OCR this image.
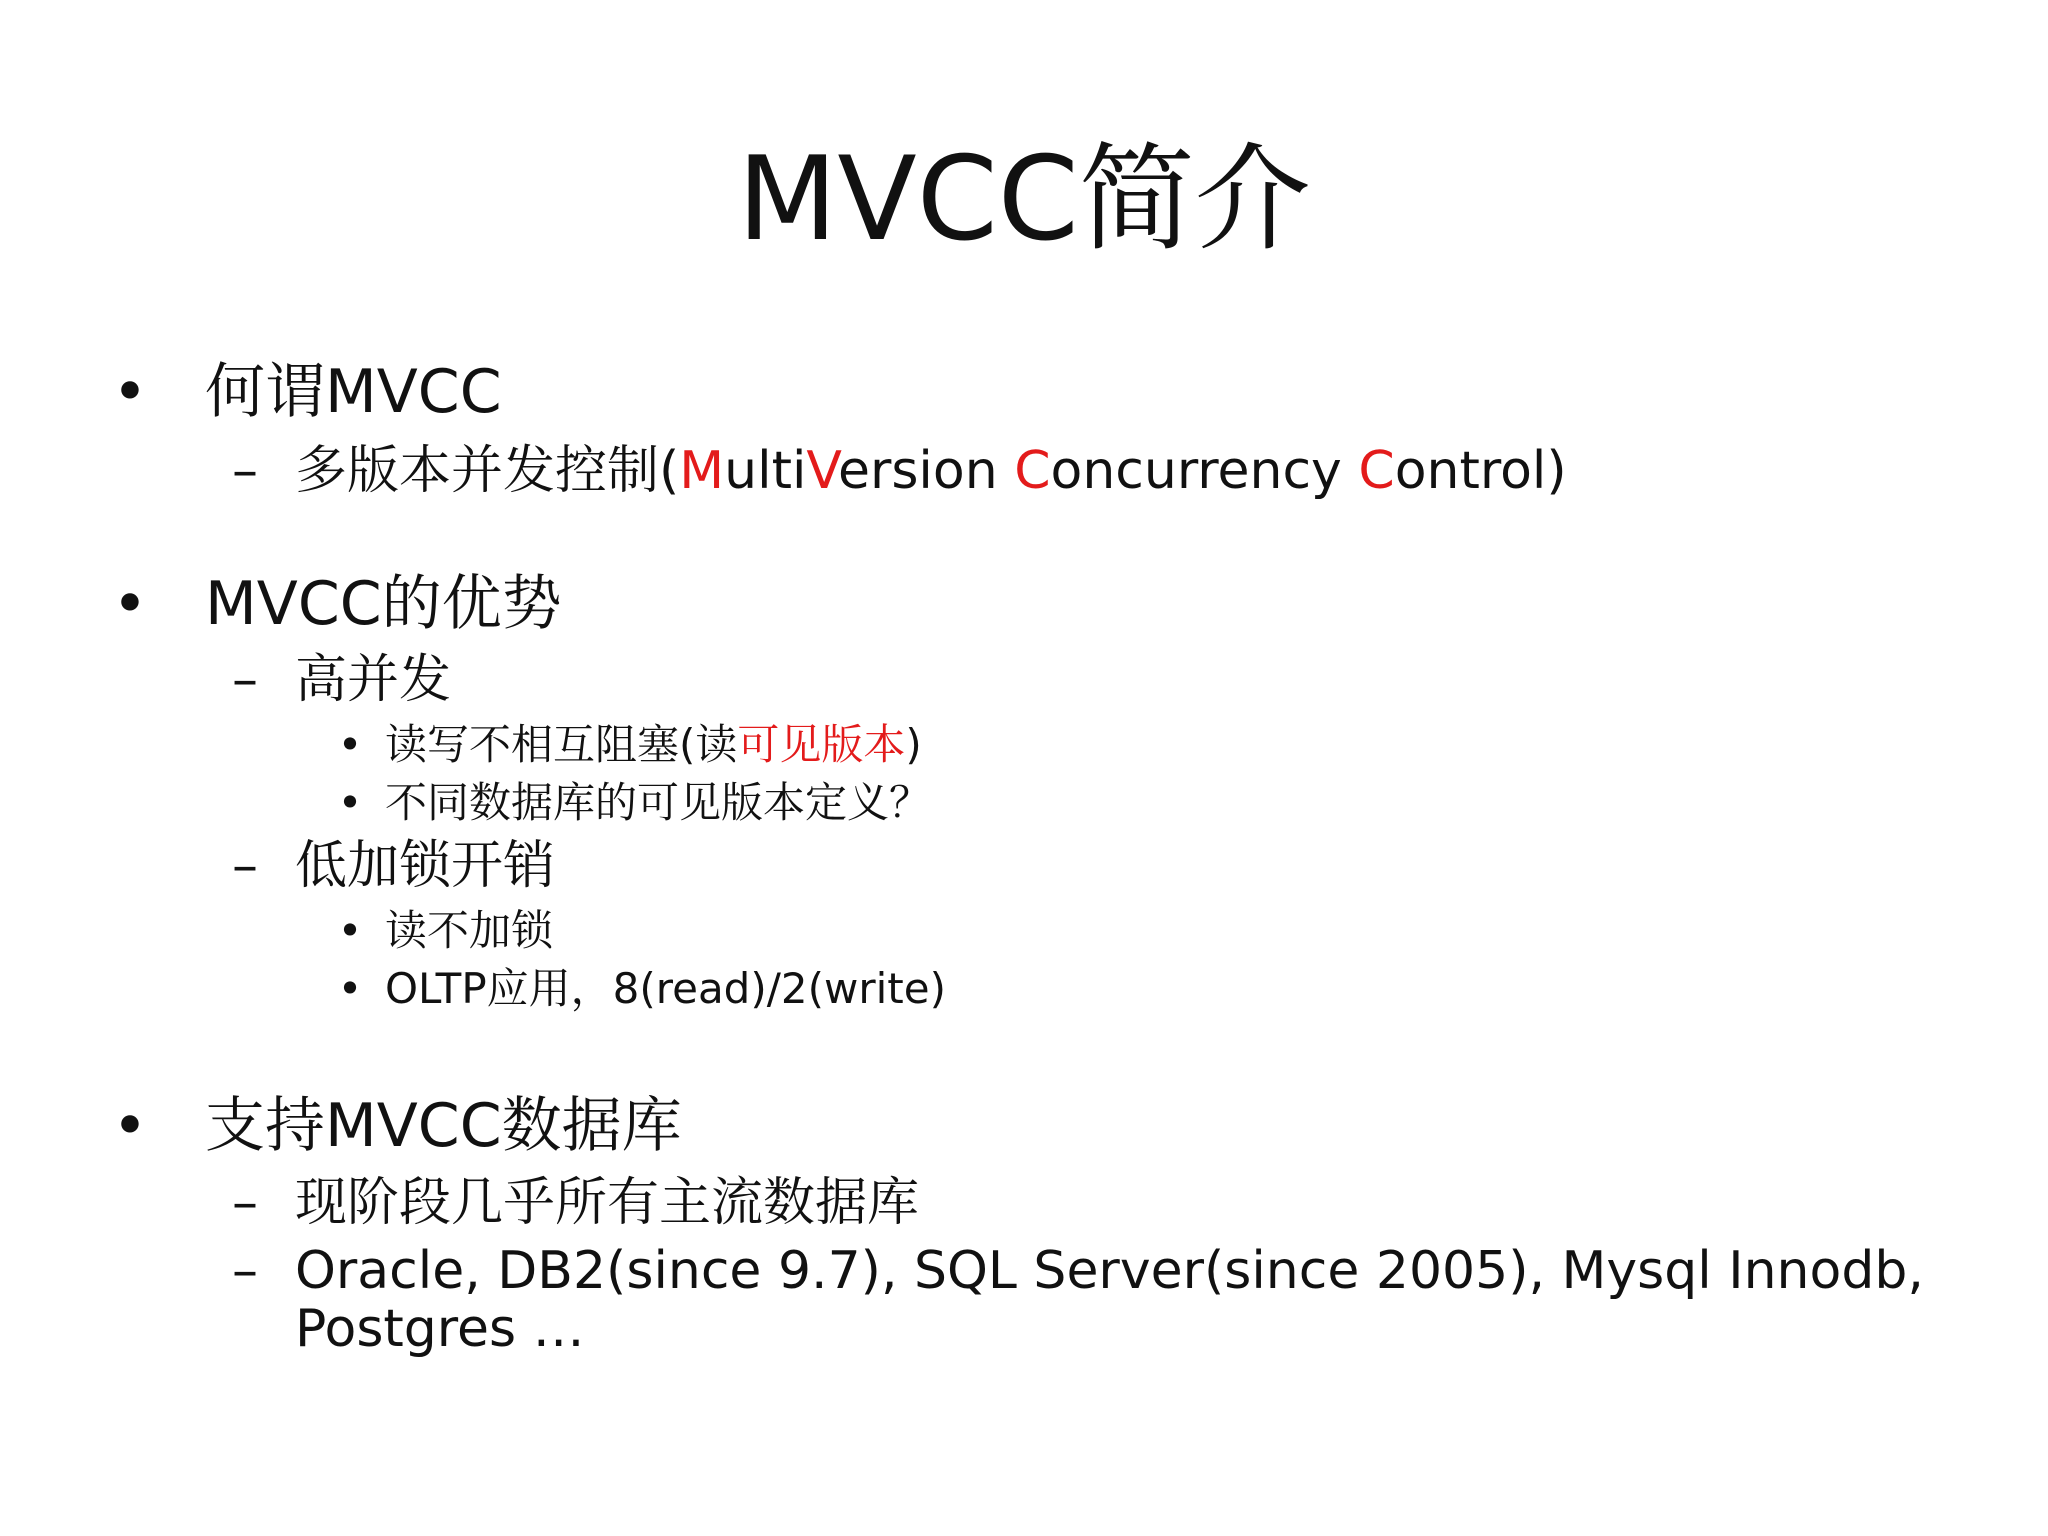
MVCC简介
• 何谓MVCC
– 多版本并发控制(MultiVersion Concurrency Control)
• MVCC的优势
– 高并发
• 读写不相互阻塞(读可见版本)
• 不同数据库的可见版本定义？
– 低加锁开销
• 读不加锁
• OLTP应用，8(read)/2(write)
• 支持MVCC数据库
– 现阶段几乎所有主流数据库
– Oracle, DB2(since 9.7), SQL Server(since 2005), Mysql Innodb,
Postgres …
